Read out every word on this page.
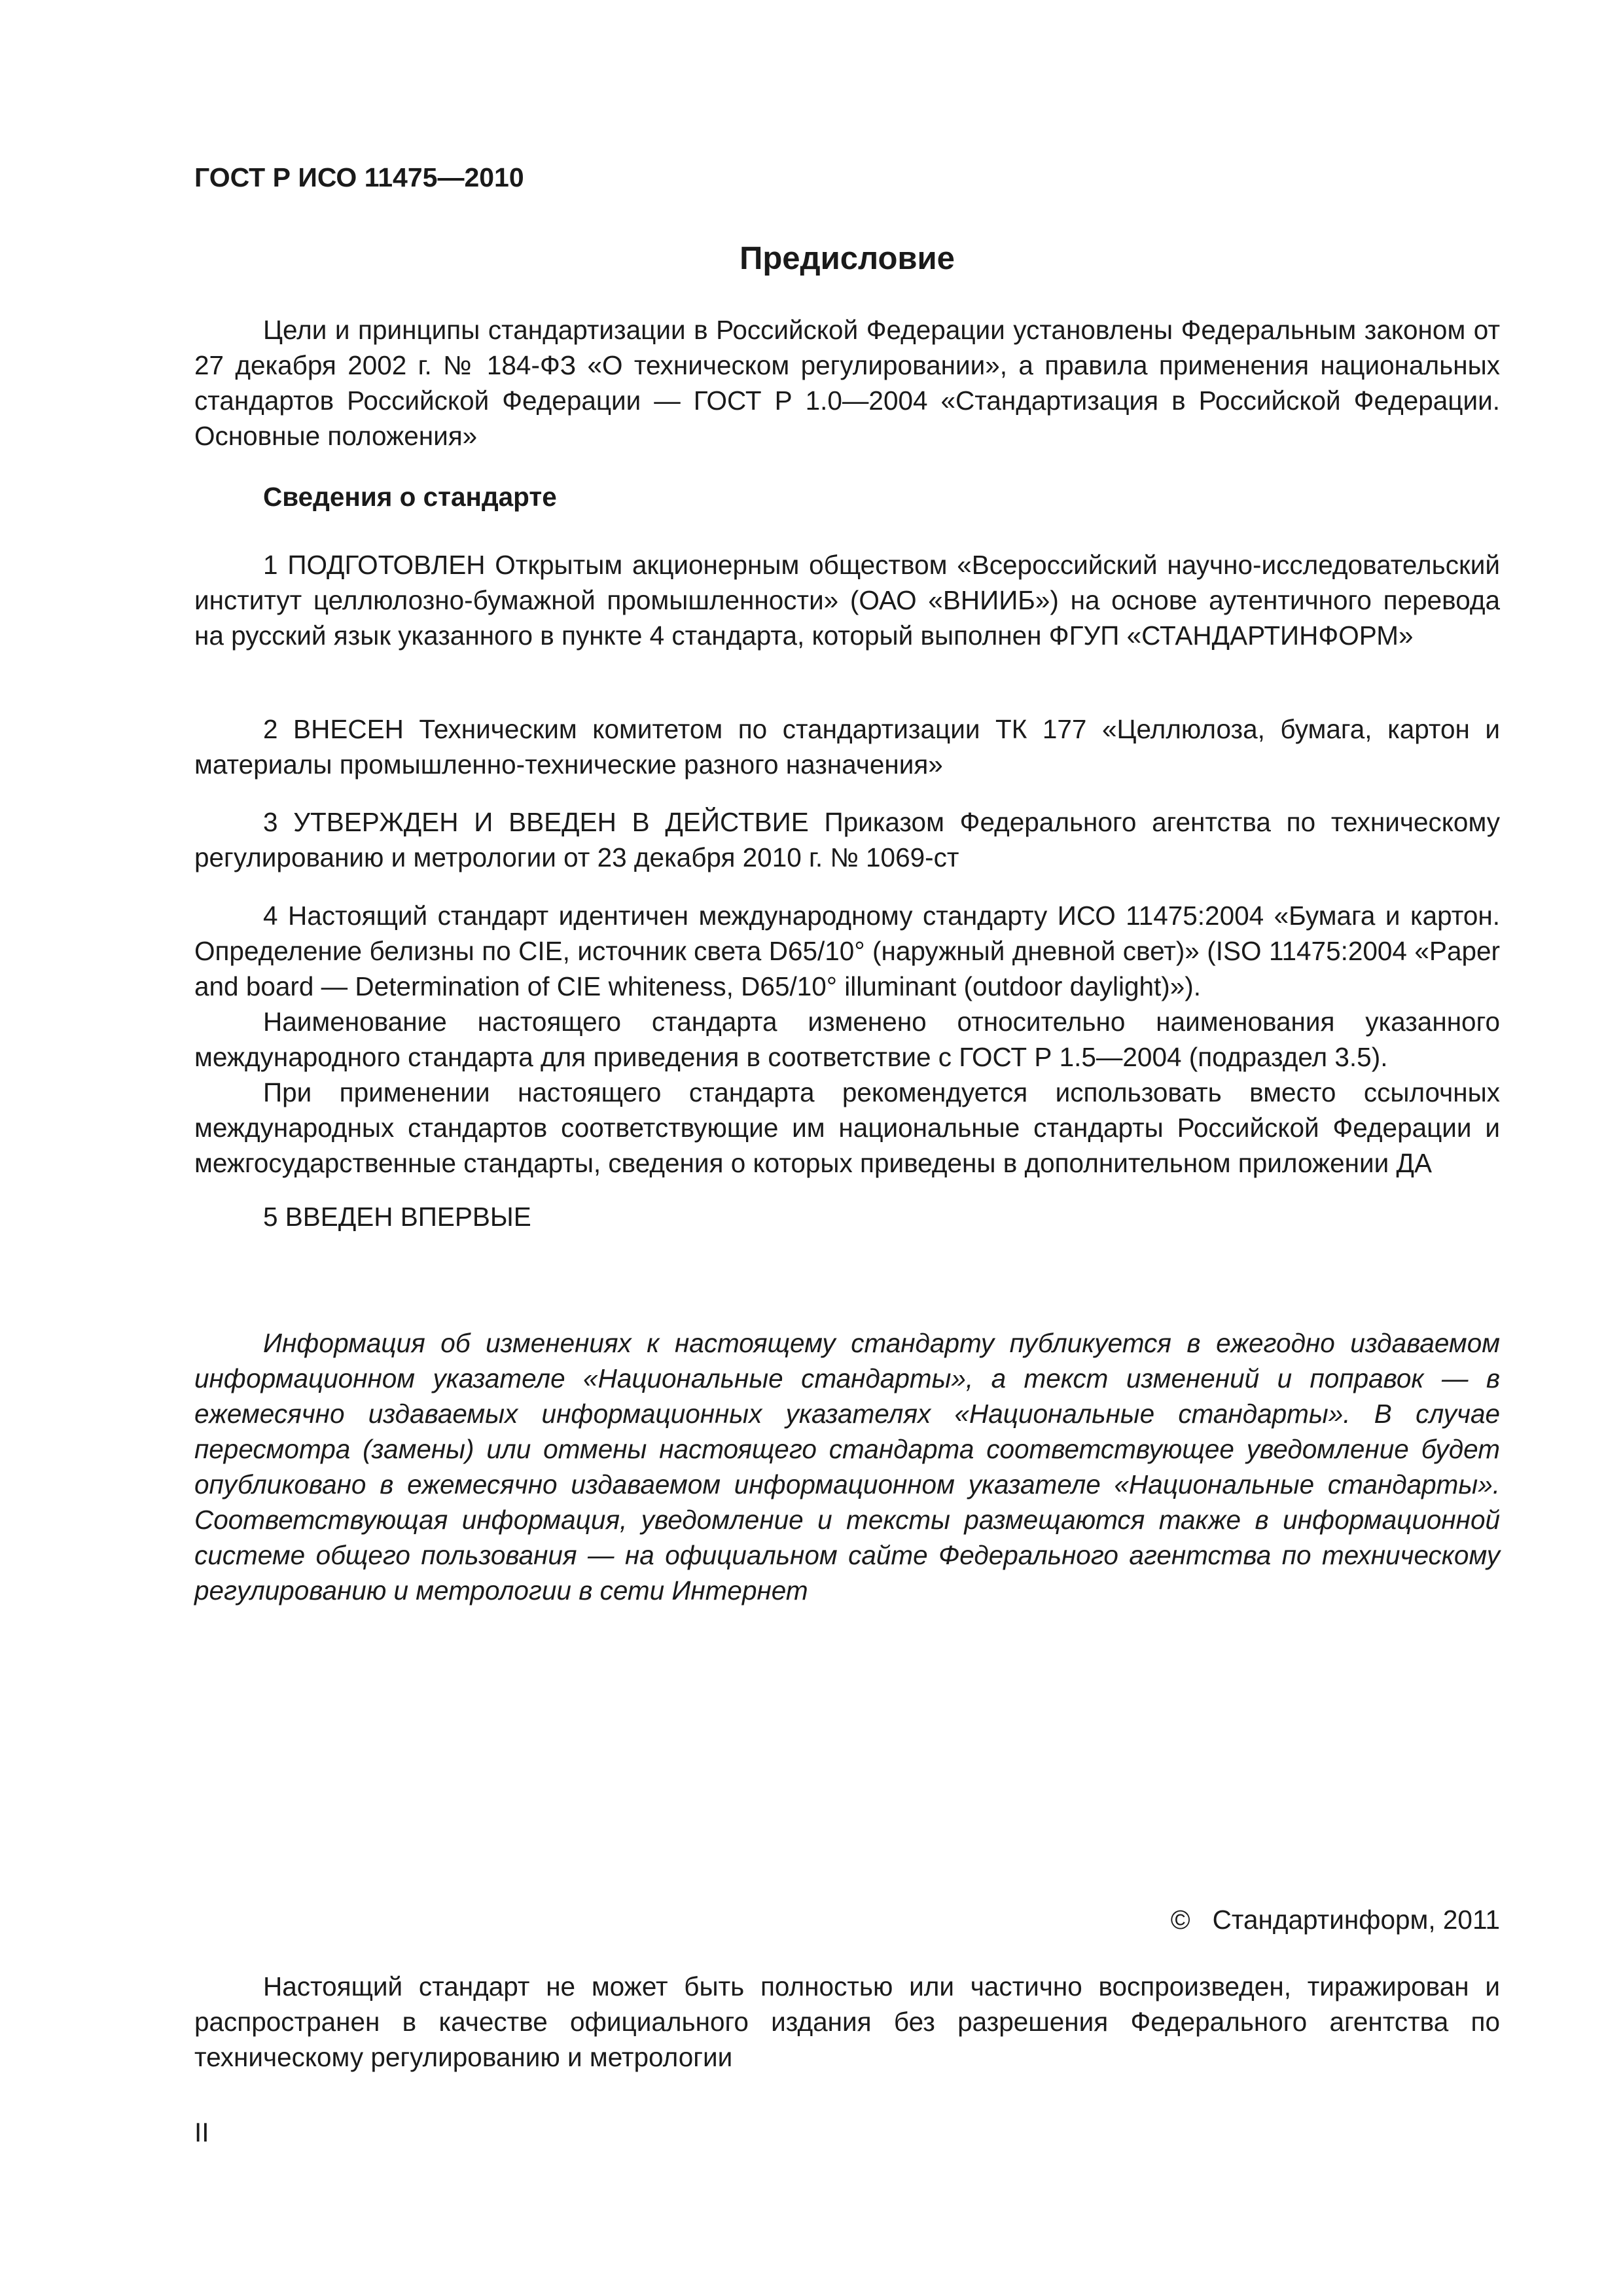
ГОСТ Р ИСО 11475—2010
Предисловие

Цели и принципы стандартизации в Российской Федерации установлены Федеральным законом от 27 декабря 2002 г. № 184-ФЗ «О техническом регулировании», а правила применения национальных стандартов Российской Федерации — ГОСТ Р 1.0—2004 «Стандартизация в Российской Федерации. Основные положения»

Сведения о стандарте

1 ПОДГОТОВЛЕН Открытым акционерным обществом «Всероссийский научно-исследовательский институт целлюлозно-бумажной промышленности» (ОАО «ВНИИБ») на основе аутентичного перевода на русский язык указанного в пункте 4 стандарта, который выполнен ФГУП «СТАНДАРТИНФОРМ»

2 ВНЕСЕН Техническим комитетом по стандартизации ТК 177 «Целлюлоза, бумага, картон и материалы промышленно-технические разного назначения»

3 УТВЕРЖДЕН И ВВЕДЕН В ДЕЙСТВИЕ Приказом Федерального агентства по техническому регулированию и метрологии от 23 декабря 2010 г. № 1069-ст

4 Настоящий стандарт идентичен международному стандарту ИСО 11475:2004 «Бумага и картон. Определение белизны по CIE, источник света D65/10° (наружный дневной свет)» (ISO 11475:2004 «Paper and board — Determination of CIE whiteness, D65/10° illuminant (outdoor daylight)»).

Наименование настоящего стандарта изменено относительно наименования указанного международного стандарта для приведения в соответствие с ГОСТ Р 1.5—2004 (подраздел 3.5).

При применении настоящего стандарта рекомендуется использовать вместо ссылочных международных стандартов соответствующие им национальные стандарты Российской Федерации и межгосударственные стандарты, сведения о которых приведены в дополнительном приложении ДА

5 ВВЕДЕН ВПЕРВЫЕ

Информация об изменениях к настоящему стандарту публикуется в ежегодно издаваемом информационном указателе «Национальные стандарты», а текст изменений и поправок — в ежемесячно издаваемых информационных указателях «Национальные стандарты». В случае пересмотра (замены) или отмены настоящего стандарта соответствующее уведомление будет опубликовано в ежемесячно издаваемом информационном указателе «Национальные стандарты». Соответствующая информация, уведомление и тексты размещаются также в информационной системе общего пользования — на официальном сайте Федерального агентства по техническому регулированию и метрологии в сети Интернет

© Стандартинформ, 2011

Настоящий стандарт не может быть полностью или частично воспроизведен, тиражирован и распространен в качестве официального издания без разрешения Федерального агентства по техническому регулированию и метрологии

II
